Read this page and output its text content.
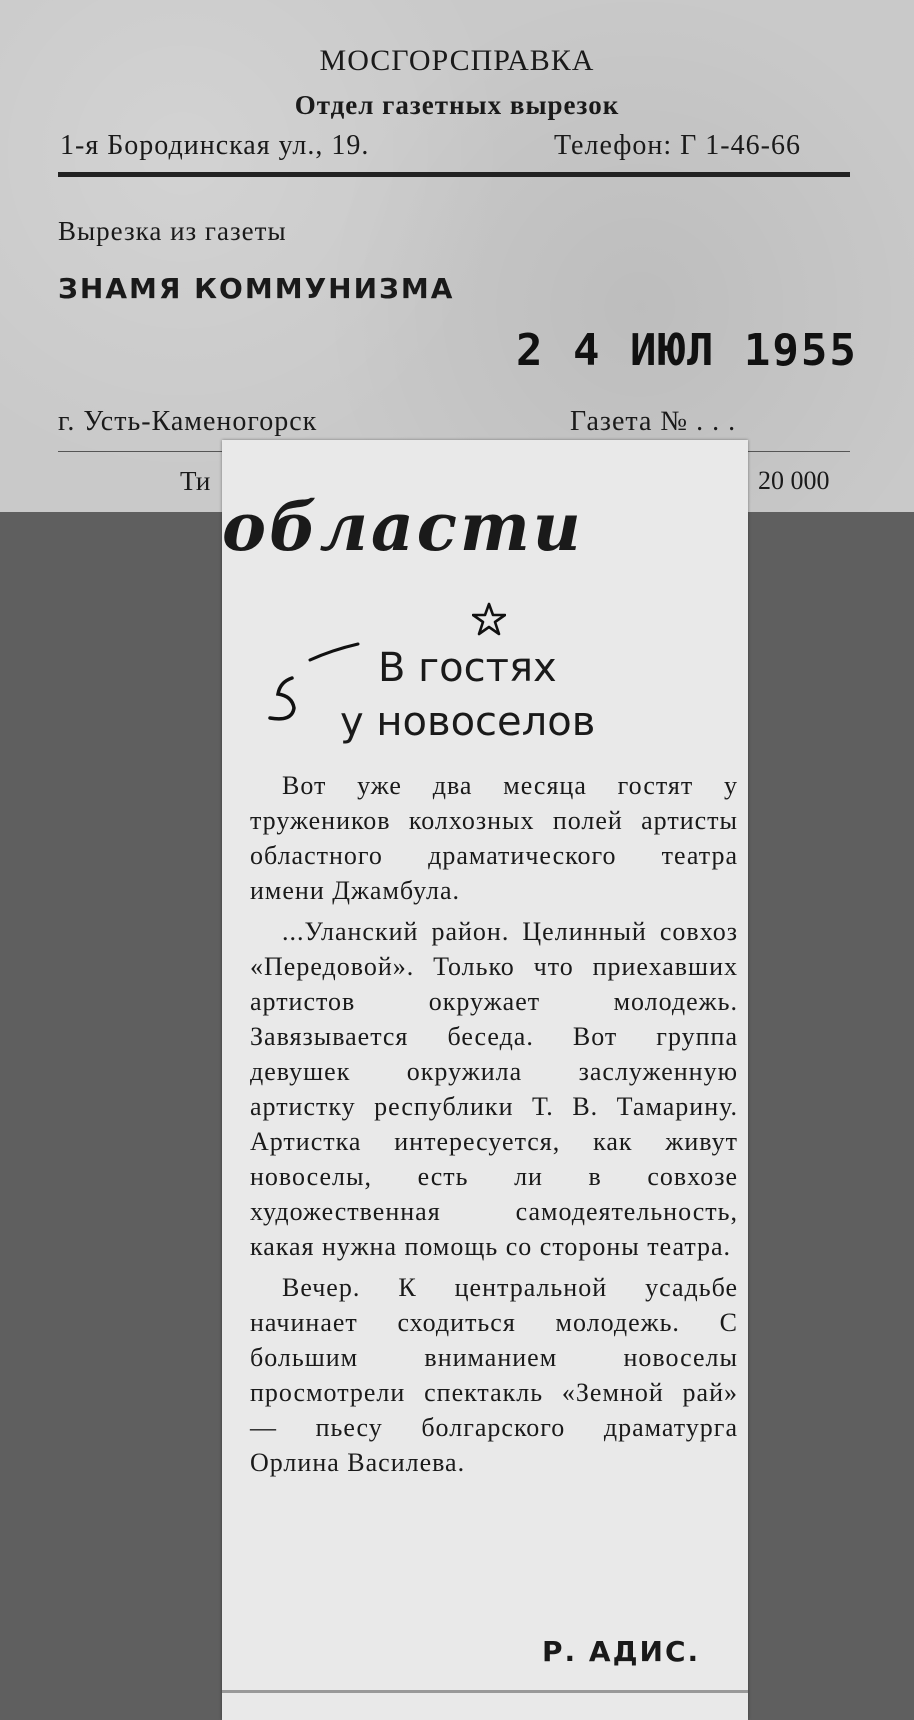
МОСГОРСПРАВКА
Отдел газетных вырезок
1-я Бородинская ул., 19.	Телефон: Г 1-46-66
Вырезка из газеты
ЗНАМЯ КОММУНИЗМА
2 4 ИЮЛ 1955
г. Усть-Каменогорск	Газета № . . .
Ти	20 000
области
В гостях
у новоселов

Вот уже два месяца гостят у тружеников колхозных полей артисты областного драматического театра имени Джамбула.

...Уланский район. Целинный совхоз «Передовой». Только что приехавших артистов окружает молодежь. Завязывается беседа. Вот группа девушек окружила заслуженную артистку республики Т. В. Тамарину. Артистка интересуется, как живут новоселы, есть ли в совхозе художественная самодеятельность, какая нужна помощь со стороны театра.

Вечер. К центральной усадьбе начинает сходиться молодежь. С большим вниманием новоселы просмотрели спектакль «Земной рай» — пьесу болгарского драматурга Орлина Василева.

Р. АДИС.
